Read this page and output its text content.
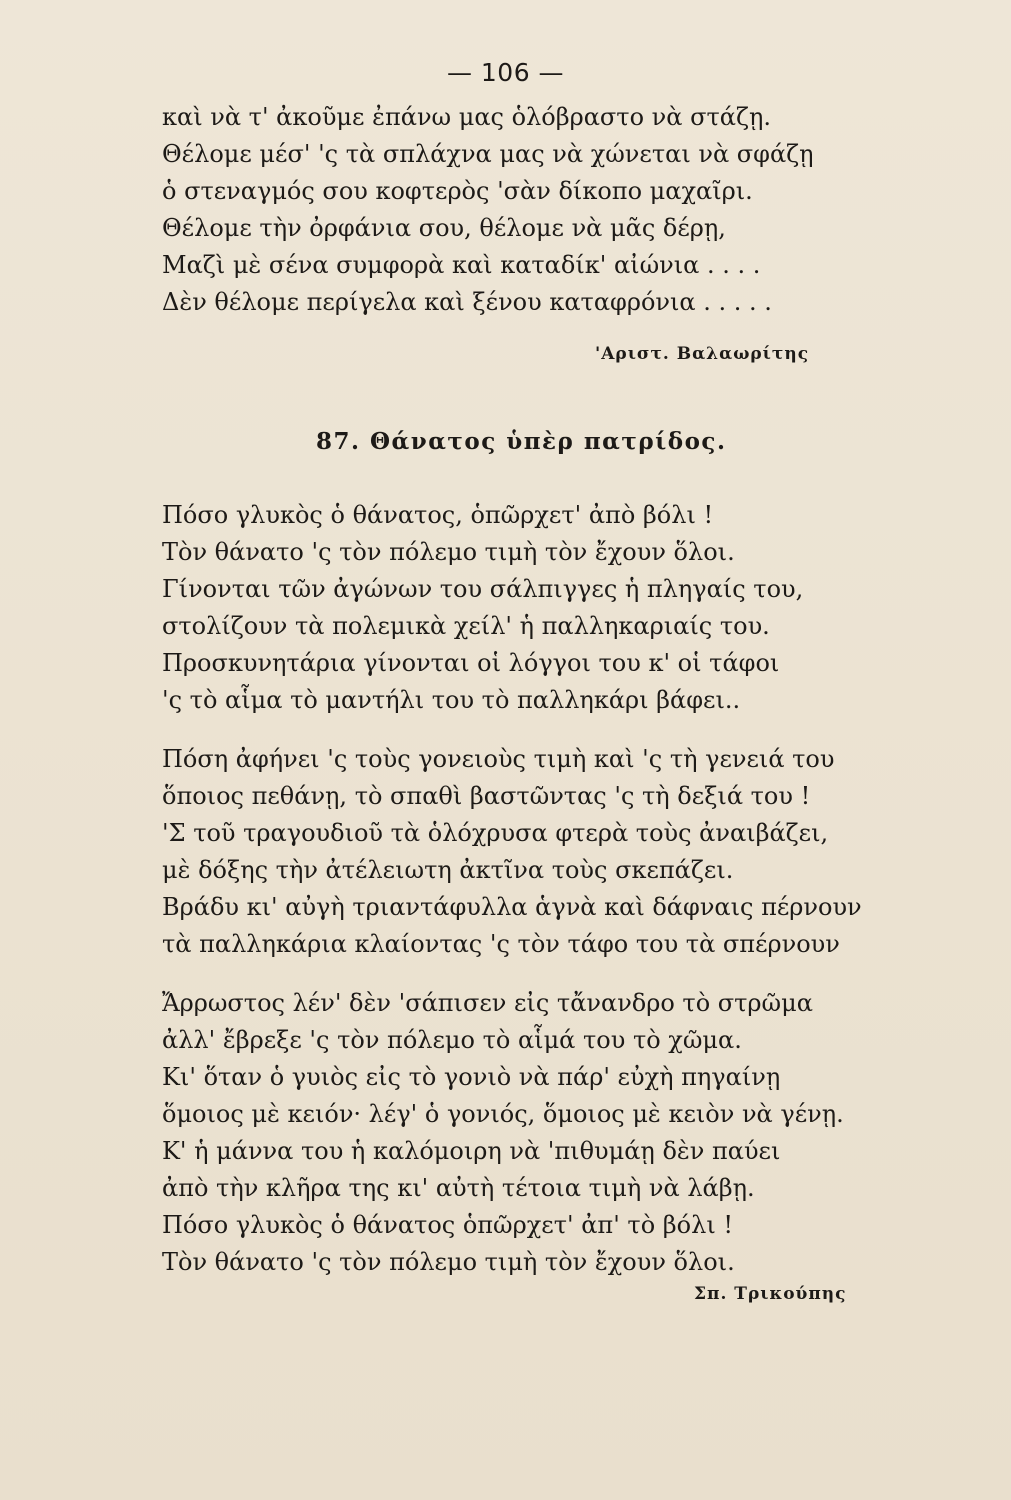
— 106 —
καὶ νὰ τ' ἀκοῦμε ἐπάνω μας ὁλόβραστο νὰ στάζῃ.
Θέλομε μέσ' 'ς τὰ σπλάχνα μας νὰ χώνεται νὰ σφάζῃ
ὁ στεναγμός σου κοφτερὸς 'σὰν δίκοπο μαχαῖρι.
Θέλομε τὴν ὀρφάνια σου, θέλομε νὰ μᾶς δέρῃ,
Μαζὶ μὲ σένα συμφορὰ καὶ καταδίκ' αἰώνια . . . .
Δὲν θέλομε περίγελα καὶ ξένου καταφρόνια . . . . .
'Αριστ. Βαλαωρίτης
87. Θάνατος ὑπὲρ πατρίδος.
Πόσο γλυκὸς ὁ θάνατος, ὁπῶρχετ' ἀπὸ βόλι !
Τὸν θάνατο 'ς τὸν πόλεμο τιμὴ τὸν ἔχουν ὅλοι.
Γίνονται τῶν ἀγώνων του σάλπιγγες ἡ πληγαίς του,
στολίζουν τὰ πολεμικὰ χείλ' ἡ παλληκαριαίς του.
Προσκυνητάρια γίνονται οἱ λόγγοι του κ' οἱ τάφοι
'ς τὸ αἷμα τὸ μαντήλι του τὸ παλληκάρι βάφει..
Πόση ἀφήνει 'ς τοὺς γονειοὺς τιμὴ καὶ 'ς τὴ γενειά του
ὅποιος πεθάνῃ, τὸ σπαθὶ βαστῶντας 'ς τὴ δεξιά του !
'Σ τοῦ τραγουδιοῦ τὰ ὁλόχρυσα φτερὰ τοὺς ἀναιβάζει,
μὲ δόξης τὴν ἀτέλειωτη ἀκτῖνα τοὺς σκεπάζει.
Βράδυ κι' αὐγὴ τριαντάφυλλα ἁγνὰ καὶ δάφναις πέρνουν
τὰ παλληκάρια κλαίοντας 'ς τὸν τάφο του τὰ σπέρνουν
Ἄρρωστος λέν' δὲν 'σάπισεν εἰς τἄνανδρο τὸ στρῶμα
ἀλλ' ἔβρεξε 'ς τὸν πόλεμο τὸ αἷμά του τὸ χῶμα.
Κι' ὅταν ὁ γυιὸς εἰς τὸ γονιὸ νὰ πάρ' εὐχὴ πηγαίνῃ
ὅμοιος μὲ κειόν· λέγ' ὁ γονιός, ὅμοιος μὲ κειὸν νὰ γένῃ.
Κ' ἡ μάννα του ἡ καλόμοιρη νὰ 'πιθυμάῃ δὲν παύει
ἀπὸ τὴν κλῆρα της κι' αὐτὴ τέτοια τιμὴ νὰ λάβῃ.
Πόσο γλυκὸς ὁ θάνατος ὁπῶρχετ' ἀπ' τὸ βόλι !
Τὸν θάνατο 'ς τὸν πόλεμο τιμὴ τὸν ἔχουν ὅλοι.
Σπ. Τρικούπης
